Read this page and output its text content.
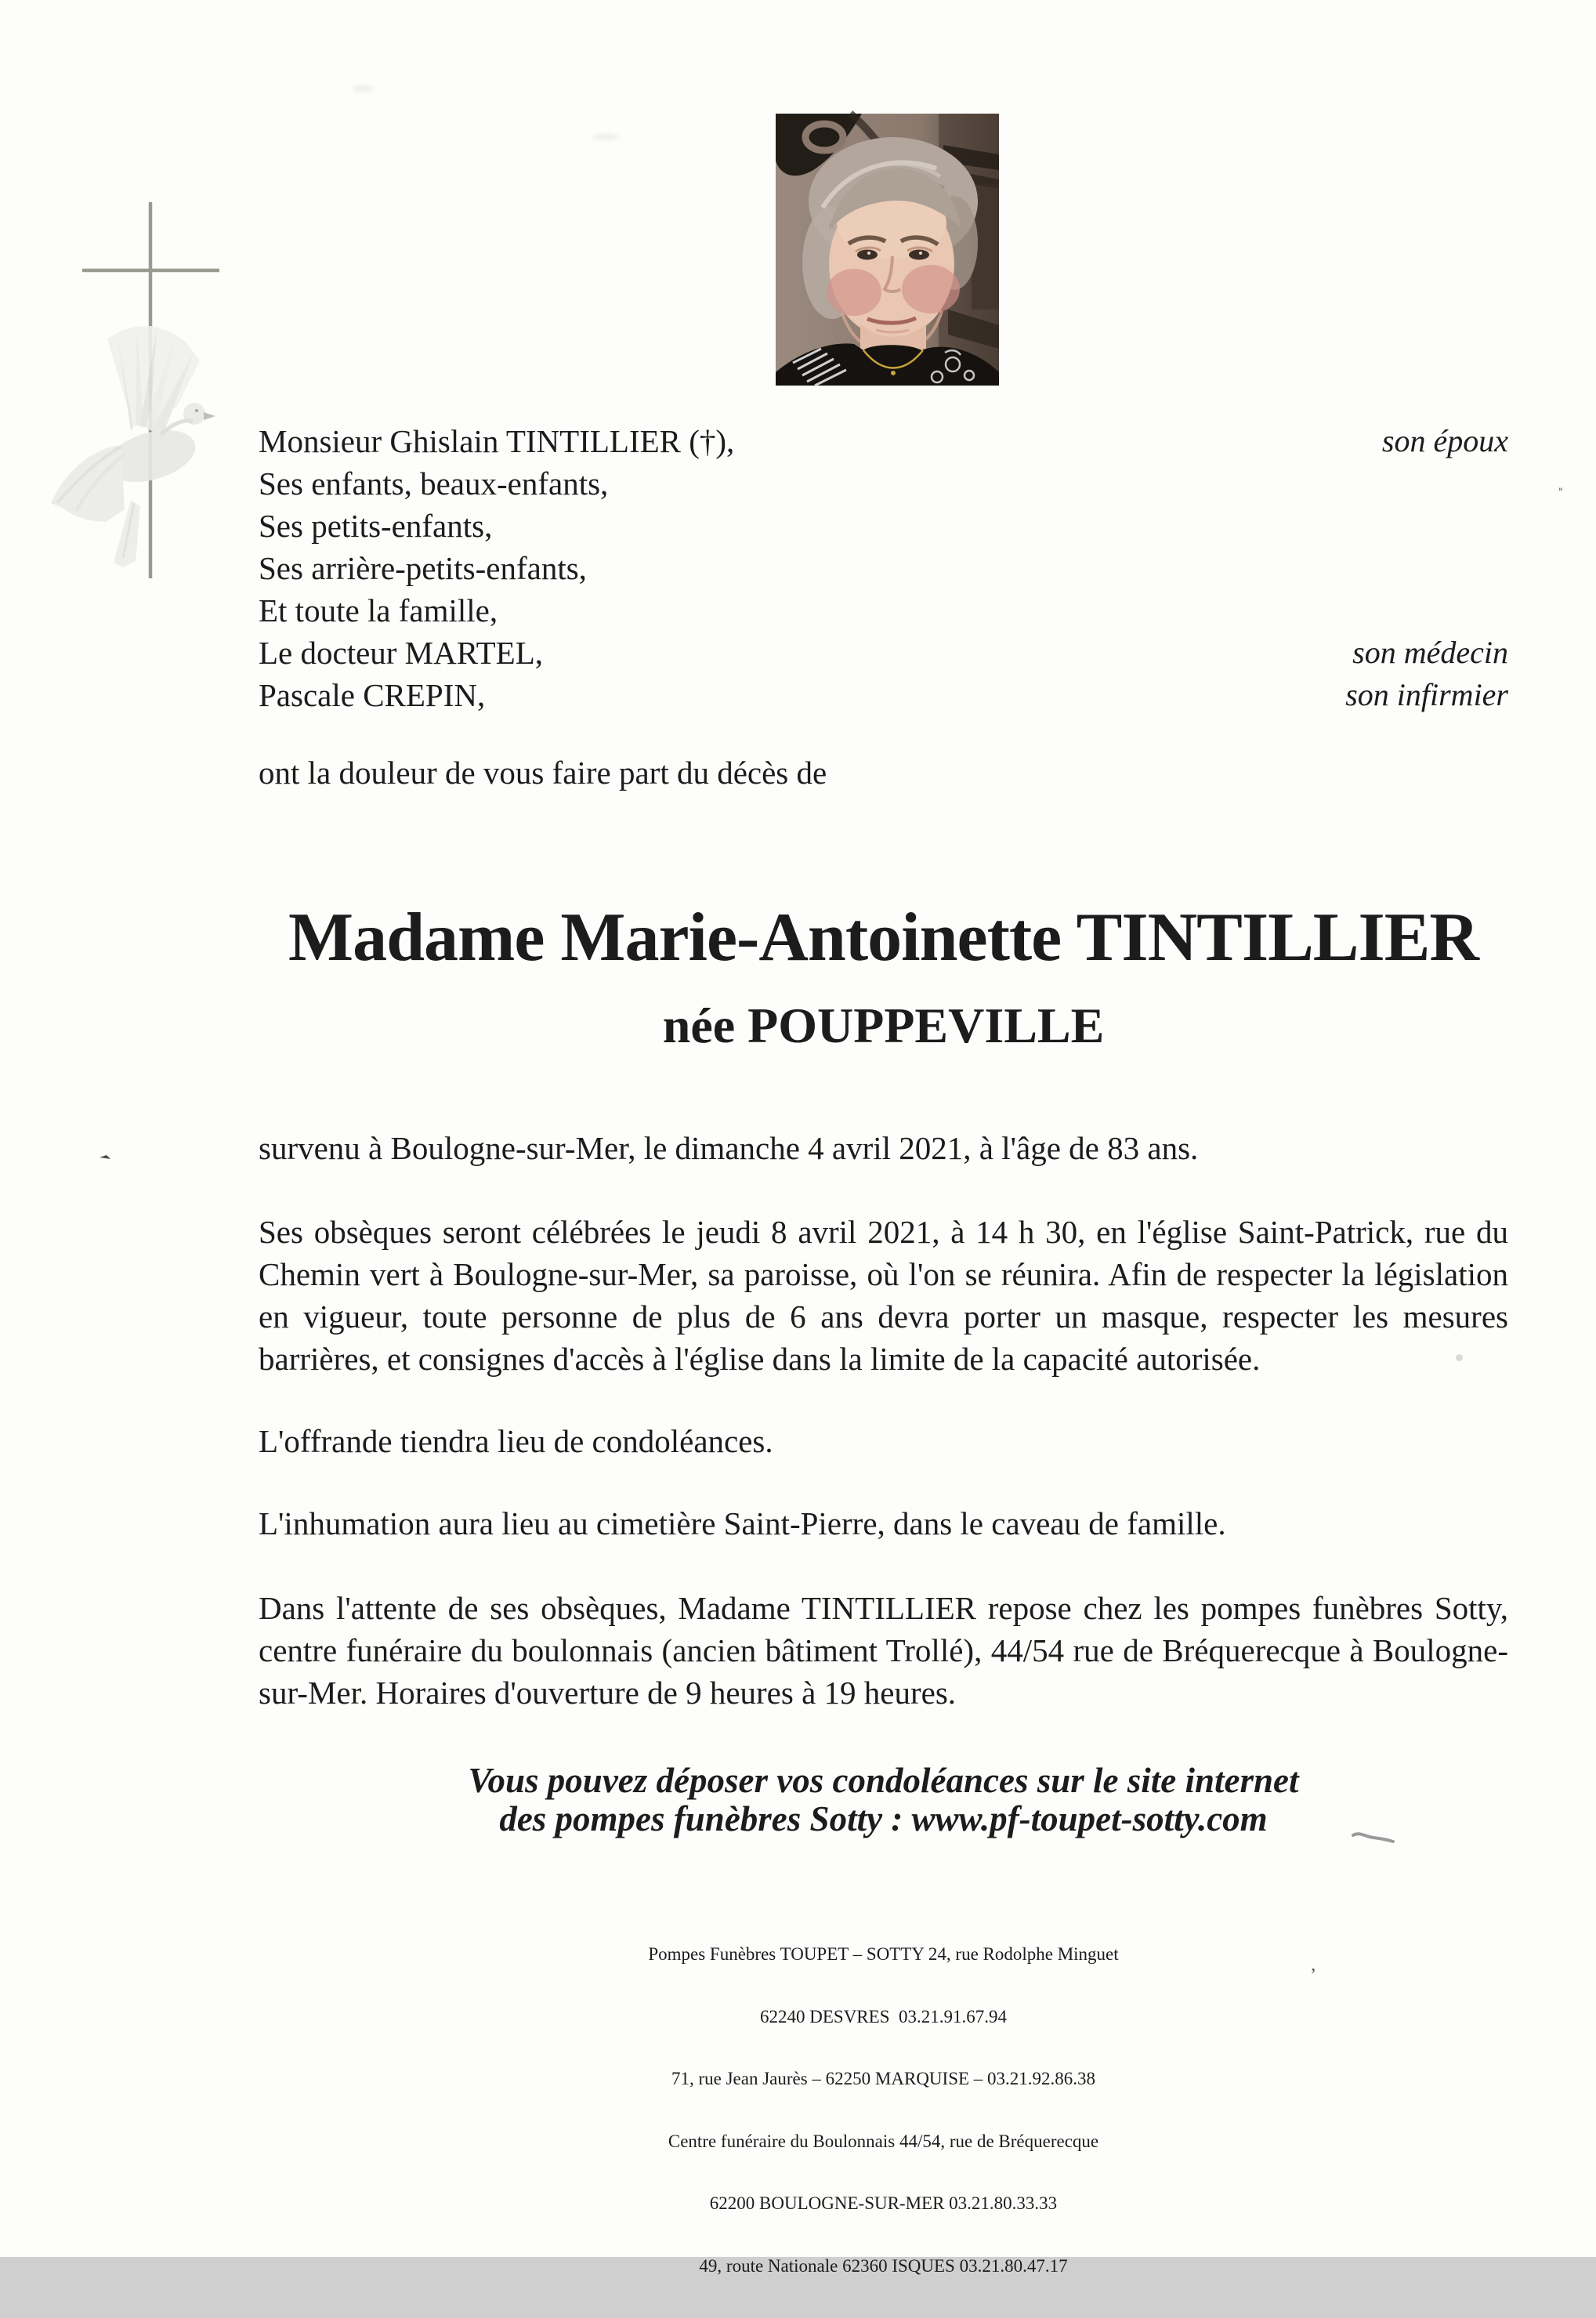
Monsieur Ghislain TINTILLIER (†),
Ses enfants, beaux-enfants,
Ses petits-enfants,
Ses arrière-petits-enfants,
Et toute la famille,
Le docteur MARTEL,
Pascale CREPIN,
son époux
son médecin
son infirmier
ont la douleur de vous faire part du décès de
Madame Marie-Antoinette TINTILLIER
née POUPPEVILLE
survenu à Boulogne-sur-Mer, le dimanche 4 avril 2021, à l'âge de 83 ans.
Ses obsèques seront célébrées le jeudi 8 avril 2021, à 14 h 30, en l'église Saint-Patrick, rue du Chemin vert à Boulogne-sur-Mer, sa paroisse, où l'on se réunira. Afin de respecter la législation en vigueur, toute personne de plus de 6 ans devra porter un masque, respecter les mesures barrières, et consignes d'accès à l'église dans la limite de la capacité autorisée.
L'offrande tiendra lieu de condoléances.
L'inhumation aura lieu au cimetière Saint-Pierre, dans le caveau de famille.
Dans l'attente de ses obsèques, Madame TINTILLIER repose chez les pompes funèbres Sotty, centre funéraire du boulonnais (ancien bâtiment Trollé), 44/54 rue de Bréquerecque à Boulogne-sur-Mer. Horaires d'ouverture de 9 heures à 19 heures.
Vous pouvez déposer vos condoléances sur le site internet
des pompes funèbres Sotty : www.pf-toupet-sotty.com

Pompes Funèbres TOUPET – SOTTY 24, rue Rodolphe Minguet

62240 DESVRES  03.21.91.67.94

71, rue Jean Jaurès – 62250 MARQUISE – 03.21.92.86.38

Centre funéraire du Boulonnais 44/54, rue de Bréquerecque

62200 BOULOGNE-SUR-MER 03.21.80.33.33

49, route Nationale 62360 ISQUES 03.21.80.47.17

’
